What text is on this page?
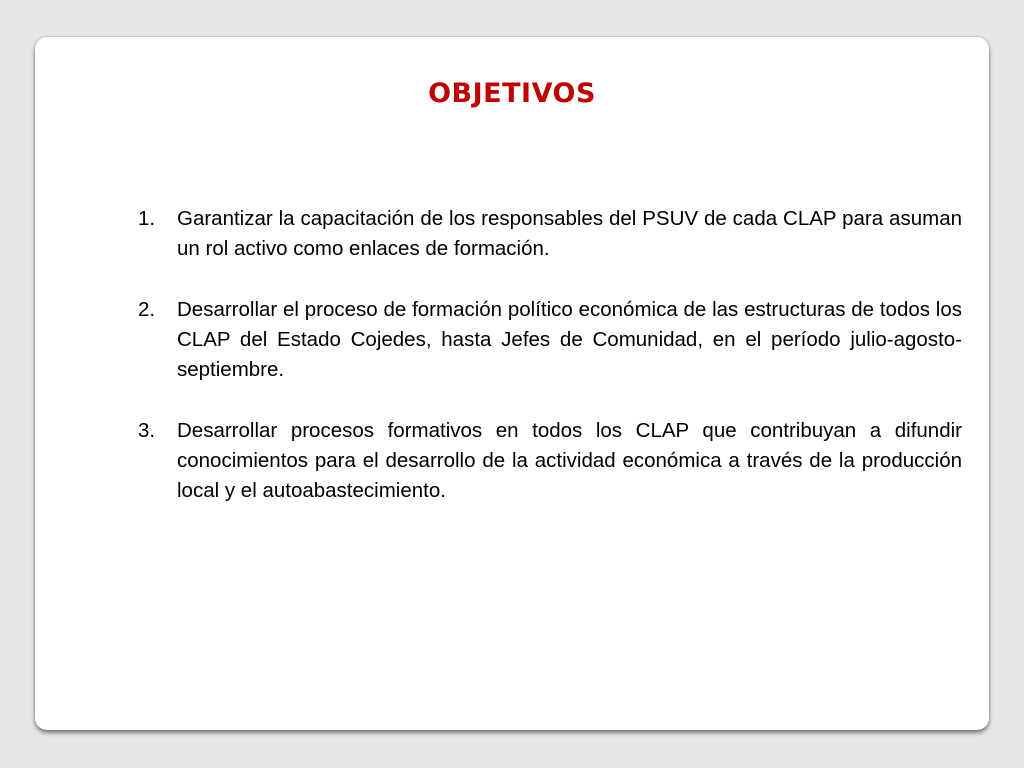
OBJETIVOS
1.	Garantizar la capacitación de los responsables del PSUV de cada CLAP para asuman un rol activo como enlaces de formación.
2.	Desarrollar el proceso de formación político económica de las estructuras de todos los CLAP del Estado Cojedes, hasta Jefes de Comunidad, en el período julio-agosto-septiembre.
3.	Desarrollar procesos formativos en todos los CLAP que contribuyan a difundir conocimientos para el desarrollo de la actividad económica a través de la producción local y el autoabastecimiento.
